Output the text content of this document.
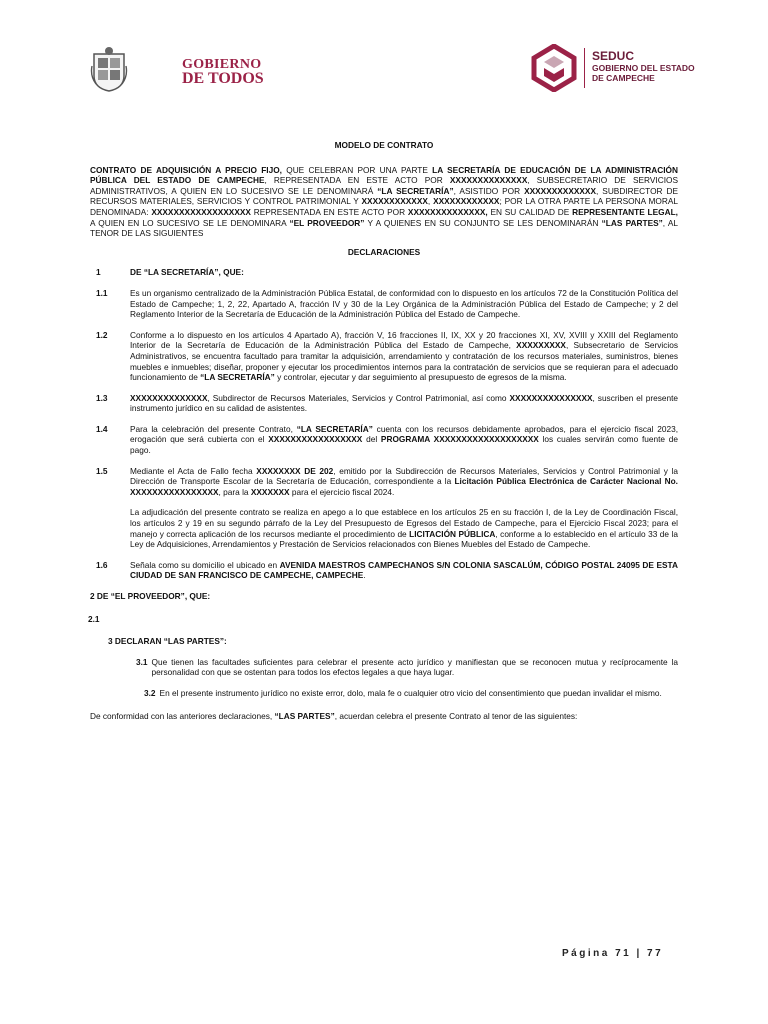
GOBIERNO
DE TODOS
SEDUC
GOBIERNO DEL ESTADO
DE CAMPECHE
MODELO DE CONTRATO
CONTRATO DE ADQUISICIÓN A PRECIO FIJO, QUE CELEBRAN POR UNA PARTE LA SECRETARÍA DE EDUCACIÓN DE LA ADMINISTRACIÓN PÚBLICA DEL ESTADO DE CAMPECHE, REPRESENTADA EN ESTE ACTO POR XXXXXXXXXXXXXX, SUBSECRETARIO DE SERVICIOS ADMINISTRATIVOS, A QUIEN EN LO SUCESIVO SE LE DENOMINARÁ “LA SECRETARÍA”, ASISTIDO POR XXXXXXXXXXXXX, SUBDIRECTOR DE RECURSOS MATERIALES, SERVICIOS Y CONTROL PATRIMONIAL Y XXXXXXXXXXXX, XXXXXXXXXXXX; POR LA OTRA PARTE LA PERSONA MORAL DENOMINADA: XXXXXXXXXXXXXXXXXX REPRESENTADA EN ESTE ACTO POR XXXXXXXXXXXXXX, EN SU CALIDAD DE REPRESENTANTE LEGAL, A QUIEN EN LO SUCESIVO SE LE DENOMINARA “EL PROVEEDOR” Y A QUIENES EN SU CONJUNTO SE LES DENOMINARÁN “LAS PARTES”, AL TENOR DE LAS SIGUIENTES
DECLARACIONES
1	DE “LA SECRETARÍA”, QUE:
1.1	Es un organismo centralizado de la Administración Pública Estatal, de conformidad con lo dispuesto en los artículos 72 de la Constitución Política del Estado de Campeche; 1, 2, 22, Apartado A, fracción IV y 30 de la Ley Orgánica de la Administración Pública del Estado de Campeche; y 2 del Reglamento Interior de la Secretaría de Educación de la Administración Pública del Estado de Campeche.
1.2	Conforme a lo dispuesto en los artículos 4 Apartado A), fracción V, 16 fracciones II, IX, XX y 20 fracciones XI, XV, XVIII y XXIII del Reglamento Interior de la Secretaría de Educación de la Administración Pública del Estado de Campeche, XXXXXXXXX, Subsecretario de Servicios Administrativos, se encuentra facultado para tramitar la adquisición, arrendamiento y contratación de los recursos materiales, suministros, bienes muebles e inmuebles; diseñar, proponer y ejecutar los procedimientos internos para la contratación de servicios que se requieran para el adecuado funcionamiento de “LA SECRETARÍA” y controlar, ejecutar y dar seguimiento al presupuesto de egresos de la misma.
1.3	XXXXXXXXXXXXXX, Subdirector de Recursos Materiales, Servicios y Control Patrimonial, así como XXXXXXXXXXXXXXX, suscriben el presente instrumento jurídico en su calidad de asistentes.
1.4	Para la celebración del presente Contrato, “LA SECRETARÍA” cuenta con los recursos debidamente aprobados, para el ejercicio fiscal 2023, erogación que será cubierta con el XXXXXXXXXXXXXXXXX del PROGRAMA XXXXXXXXXXXXXXXXXXX los cuales servirán como fuente de pago.
1.5	Mediante el Acta de Fallo fecha XXXXXXXX DE 202, emitido por la Subdirección de Recursos Materiales, Servicios y Control Patrimonial y la Dirección de Transporte Escolar de la Secretaría de Educación, correspondiente a la Licitación Pública Electrónica de Carácter Nacional No. XXXXXXXXXXXXXXXX, para la XXXXXXX para el ejercicio fiscal 2024.
La adjudicación del presente contrato se realiza en apego a lo que establece en los artículos 25 en su fracción I, de la Ley de Coordinación Fiscal, los artículos 2 y 19 en su segundo párrafo de la Ley del Presupuesto de Egresos del Estado de Campeche, para el Ejercicio Fiscal 2023; para el manejo y correcta aplicación de los recursos mediante el procedimiento de LICITACIÓN PÚBLICA, conforme a lo establecido en el artículo 33 de la Ley de Adquisiciones, Arrendamientos y Prestación de Servicios relacionados con Bienes Muebles del Estado de Campeche.
1.6	Señala como su domicilio el ubicado en AVENIDA MAESTROS CAMPECHANOS S/N COLONIA SASCALÚM, CÓDIGO POSTAL 24095 DE ESTA CIUDAD DE SAN FRANCISCO DE CAMPECHE, CAMPECHE.
2 DE “EL PROVEEDOR”, QUE:
2.1
3 DECLARAN “LAS PARTES”:
3.1 Que tienen las facultades suficientes para celebrar el presente acto jurídico y manifiestan que se reconocen mutua y recíprocamente la personalidad con que se ostentan para todos los efectos legales a que haya lugar.
3.2 En el presente instrumento jurídico no existe error, dolo, mala fe o cualquier otro vicio del consentimiento que puedan invalidar el mismo.
De conformidad con las anteriores declaraciones, “LAS PARTES”, acuerdan celebra el presente Contrato al tenor de las siguientes:
Página 71 | 77
